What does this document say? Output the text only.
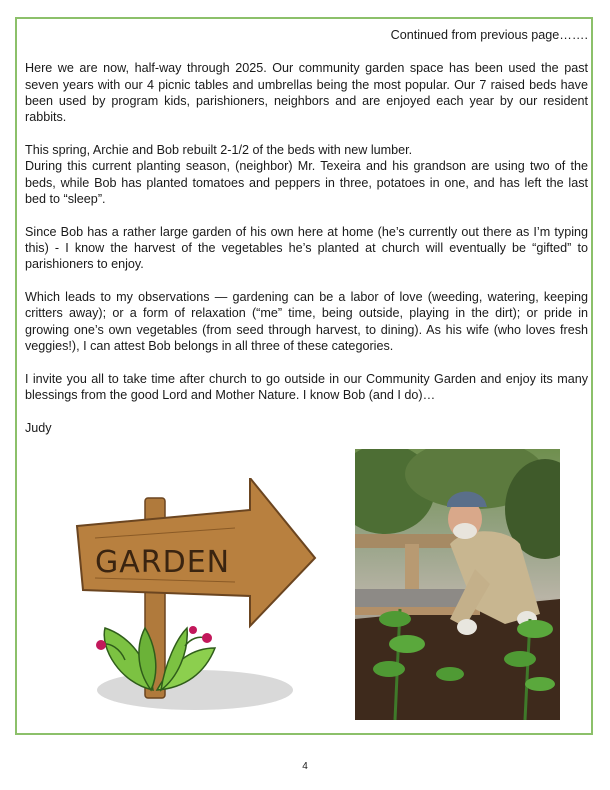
Continued from previous page…….

Here we are now, half-way through 2025. Our community garden space has been used the past seven years with our 4 picnic tables and umbrellas being the most popular. Our 7 raised beds have been used by program kids, parishioners, neighbors and are enjoyed each year by our resident rabbits.

This spring, Archie and Bob rebuilt 2-1/2 of the beds with new lumber.

During this current planting season, (neighbor) Mr. Texeira and his grandson are using two of the beds, while Bob has planted tomatoes and peppers in three, potatoes in one, and has left the last bed to “sleep”.

Since Bob has a rather large garden of his own here at home (he’s currently out there as I’m typing this) - I know the harvest of the vegetables he’s planted at church will eventually be “gifted” to parishioners to enjoy.

Which leads to my observations — gardening can be a labor of love (weeding, watering, keeping critters away); or a form of relaxation (“me” time, being outside, playing in the dirt); or pride in growing one’s own vegetables (from seed through harvest, to dining). As his wife (who loves fresh veggies!), I can attest Bob belongs in all three of these categories.

I invite you all to take time after church to go outside in our Community Garden and enjoy its many blessings from the good Lord and Mother Nature. I know Bob (and I do)…

Judy
GARDEN
4
